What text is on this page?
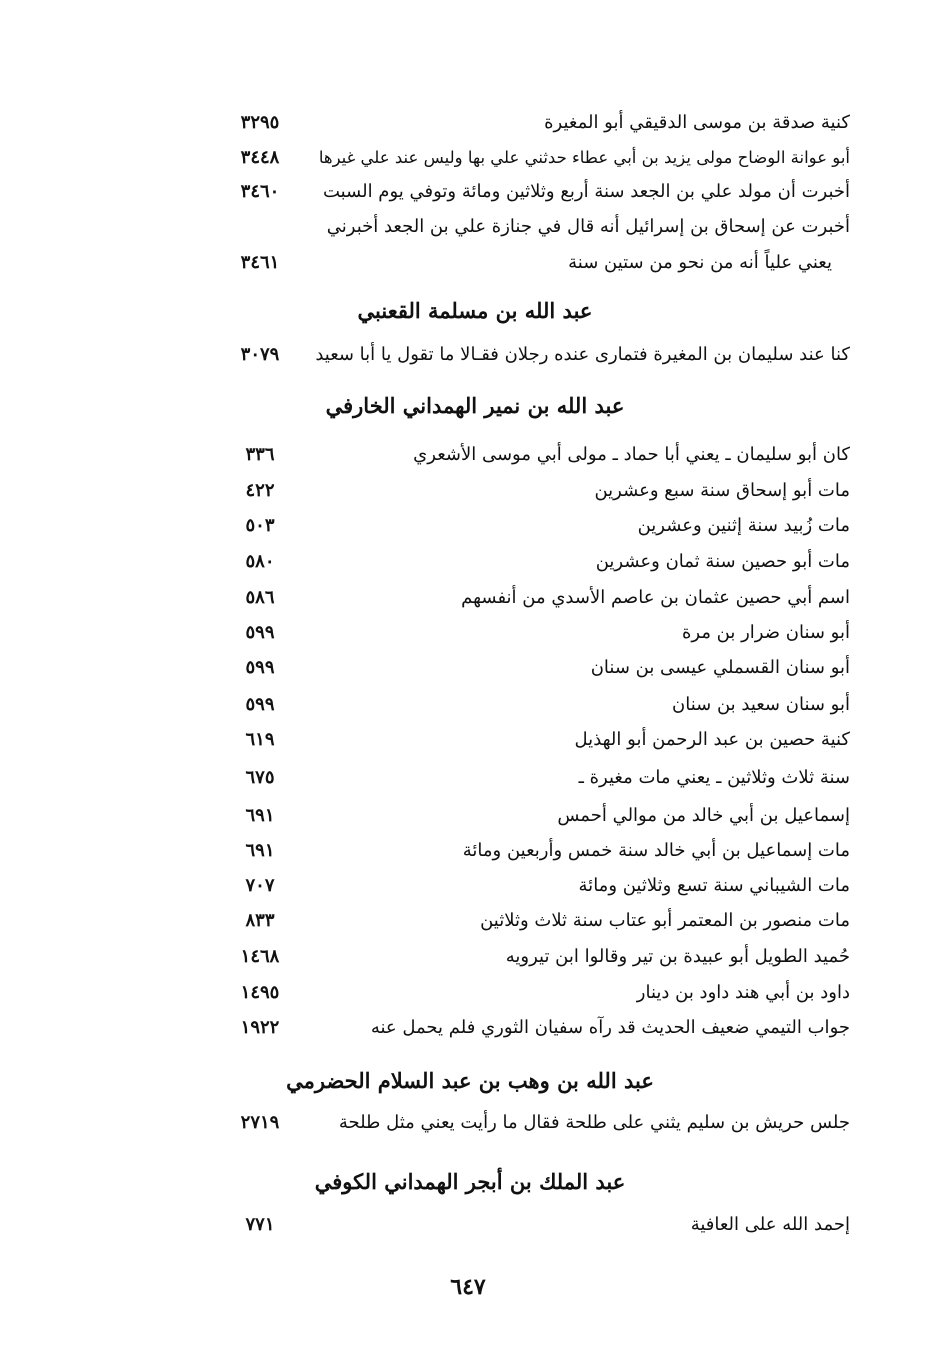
كنية صدقة بن موسى الدقيقي أبو المغيرة
٣٢٩٥
أبو عوانة الوضاح مولى يزيد بن أبي عطاء حدثني علي بها وليس عند علي غيرها
٣٤٤٨
أخبرت أن مولد علي بن الجعد سنة أربع وثلاثين ومائة وتوفي يوم السبت
٣٤٦٠
أخبرت عن إسحاق بن إسرائيل أنه قال في جنازة علي بن الجعد أخبرني
يعني علياً أنه من نحو من ستين سنة
٣٤٦١
عبد الله بن مسلمة القعنبي
كنا عند سليمان بن المغيرة فتمارى عنده رجلان فقـالا ما تقول يا أبا سعيد
٣٠٧٩
عبد الله بن نمير الهمداني الخارفي
كان أبو سليمان ـ يعني أبا حماد ـ مولى أبي موسى الأشعري
٣٣٦
مات أبو إسحاق سنة سبع وعشرين
٤٢٢
مات زُبيد سنة إثنين وعشرين
٥٠٣
مات أبو حصين سنة ثمان وعشرين
٥٨٠
اسم أبي حصين عثمان بن عاصم الأسدي من أنفسهم
٥٨٦
أبو سنان ضرار بن مرة
٥٩٩
أبو سنان القسملي عيسى بن سنان
٥٩٩
أبو سنان سعيد بن سنان
٥٩٩
كنية حصين بن عبد الرحمن أبو الهذيل
٦١٩
سنة ثلاث وثلاثين ـ يعني مات مغيرة ـ
٦٧٥
إسماعيل بن أبي خالد من موالي أحمس
٦٩١
مات إسماعيل بن أبي خالد سنة خمس وأربعين ومائة
٦٩١
مات الشيباني سنة تسع وثلاثين ومائة
٧٠٧
مات منصور بن المعتمر أبو عتاب سنة ثلاث وثلاثين
٨٣٣
حُميد الطويل أبو عبيدة بن تير وقالوا ابن تيرويه
١٤٦٨
داود بن أبي هند داود بن دينار
١٤٩٥
جواب التيمي ضعيف الحديث قد رآه سفيان الثوري فلم يحمل عنه
١٩٢٢
عبد الله بن وهب بن عبد السلام الحضرمي
جلس حريش بن سليم يثني على طلحة فقال ما رأيت يعني مثل طلحة
٢٧١٩
عبد الملك بن أبجر الهمداني الكوفي
إحمد الله على العافية
٧٧١
٦٤٧
